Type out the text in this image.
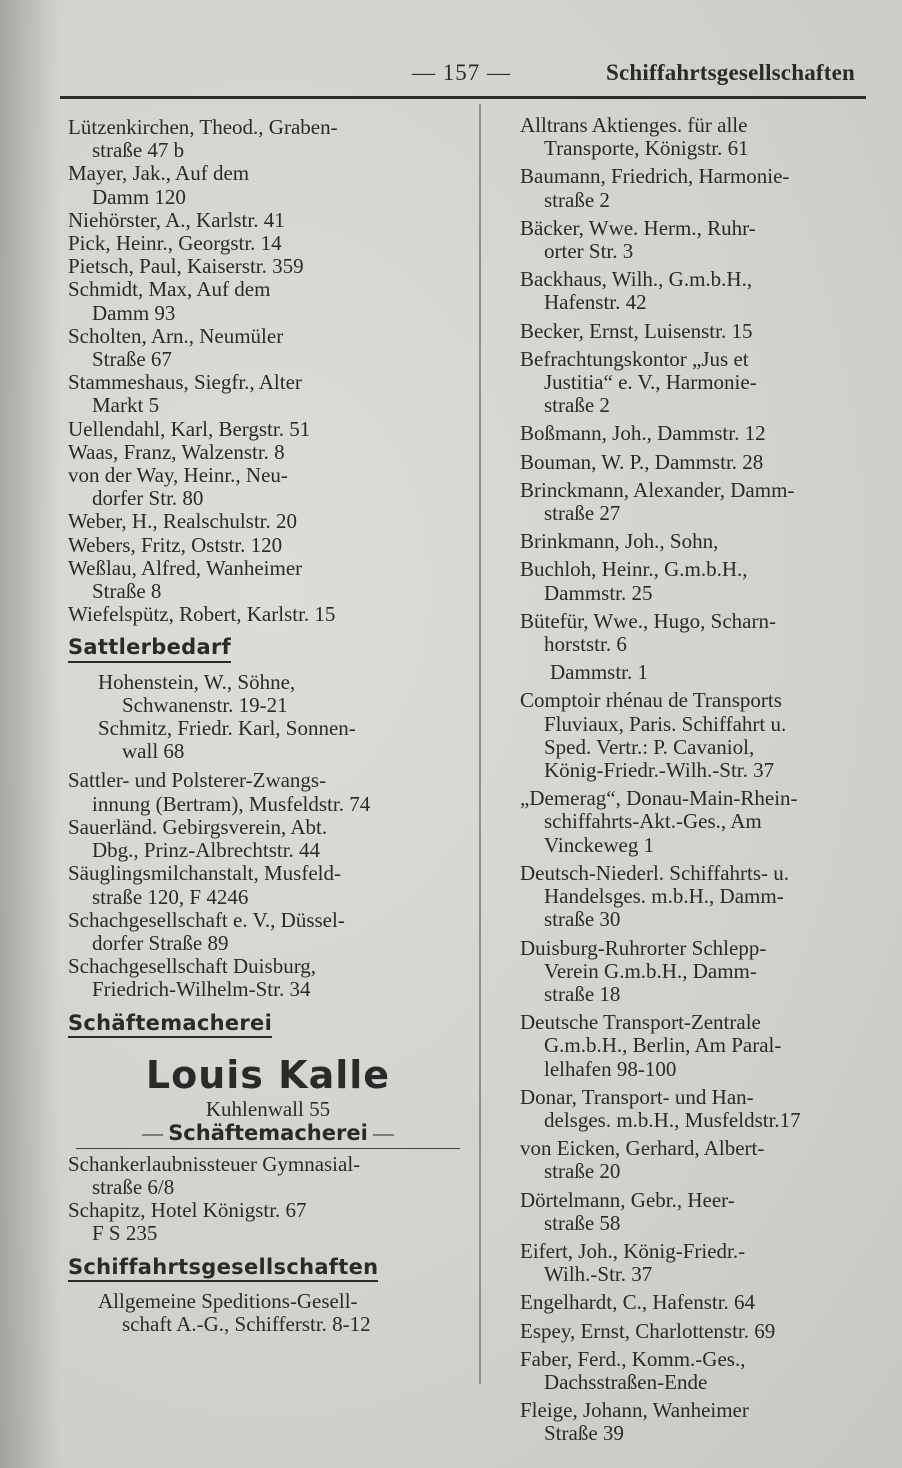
— 157 —	Schiffahrtsgesellschaften
Lützenkirchen, Theod., Graben-
straße 47 b
Mayer, Jak., Auf dem
Damm 120
Niehörster, A., Karlstr. 41
Pick, Heinr., Georgstr. 14
Pietsch, Paul, Kaiserstr. 359
Schmidt, Max, Auf dem
Damm 93
Scholten, Arn., Neumüler
Straße 67
Stammeshaus, Siegfr., Alter
Markt 5
Uellendahl, Karl, Bergstr. 51
Waas, Franz, Walzenstr. 8
von der Way, Heinr., Neu-
dorfer Str. 80
Weber, H., Realschulstr. 20
Webers, Fritz, Oststr. 120
Weßlau, Alfred, Wanheimer
Straße 8
Wiefelspütz, Robert, Karlstr. 15
Sattlerbedarf
Hohenstein, W., Söhne,
Schwanenstr. 19-21
Schmitz, Friedr. Karl, Sonnen-
wall 68
Sattler- und Polsterer-Zwangs-
innung (Bertram), Musfeldstr. 74
Sauerländ. Gebirgsverein, Abt.
Dbg., Prinz-Albrechtstr. 44
Säuglingsmilchanstalt, Musfeld-
straße 120, F 4246
Schachgesellschaft e. V., Düssel-
dorfer Straße 89
Schachgesellschaft Duisburg,
Friedrich-Wilhelm-Str. 34
Schäftemacherei
Louis Kalle
Kuhlenwall 55
— Schäftemacherei —
Schankerlaubnissteuer Gymnasial-
straße 6/8
Schapitz, Hotel Königstr. 67
F S 235
Schiffahrtsgesellschaften
Allgemeine Speditions-Gesell-
schaft A.-G., Schifferstr. 8-12
Alltrans Aktienges. für alle
Transporte, Königstr. 61
Baumann, Friedrich, Harmonie-
straße 2
Bäcker, Wwe. Herm., Ruhr-
orter Str. 3
Backhaus, Wilh., G.m.b.H.,
Hafenstr. 42
Becker, Ernst, Luisenstr. 15
Befrachtungskontor „Jus et
Justitia“ e. V., Harmonie-
straße 2
Boßmann, Joh., Dammstr. 12
Bouman, W. P., Dammstr. 28
Brinckmann, Alexander, Damm-
straße 27
Brinkmann, Joh., Sohn,
Buchloh, Heinr., G.m.b.H.,
Dammstr. 25
Bütefür, Wwe., Hugo, Scharn-
horststr. 6
Dammstr. 1
Comptoir rhénau de Transports
Fluviaux, Paris. Schiffahrt u.
Sped. Vertr.: P. Cavaniol,
König-Friedr.-Wilh.-Str. 37
„Demerag“, Donau-Main-Rhein-
schiffahrts-Akt.-Ges., Am
Vinckeweg 1
Deutsch-Niederl. Schiffahrts- u.
Handelsges. m.b.H., Damm-
straße 30
Duisburg-Ruhrorter Schlepp-
Verein G.m.b.H., Damm-
straße 18
Deutsche Transport-Zentrale
G.m.b.H., Berlin, Am Paral-
lelhafen 98-100
Donar, Transport- und Han-
delsges. m.b.H., Musfeldstr.17
von Eicken, Gerhard, Albert-
straße 20
Dörtelmann, Gebr., Heer-
straße 58
Eifert, Joh., König-Friedr.-
Wilh.-Str. 37
Engelhardt, C., Hafenstr. 64
Espey, Ernst, Charlottenstr. 69
Faber, Ferd., Komm.-Ges.,
Dachsstraßen-Ende
Fleige, Johann, Wanheimer
Straße 39
